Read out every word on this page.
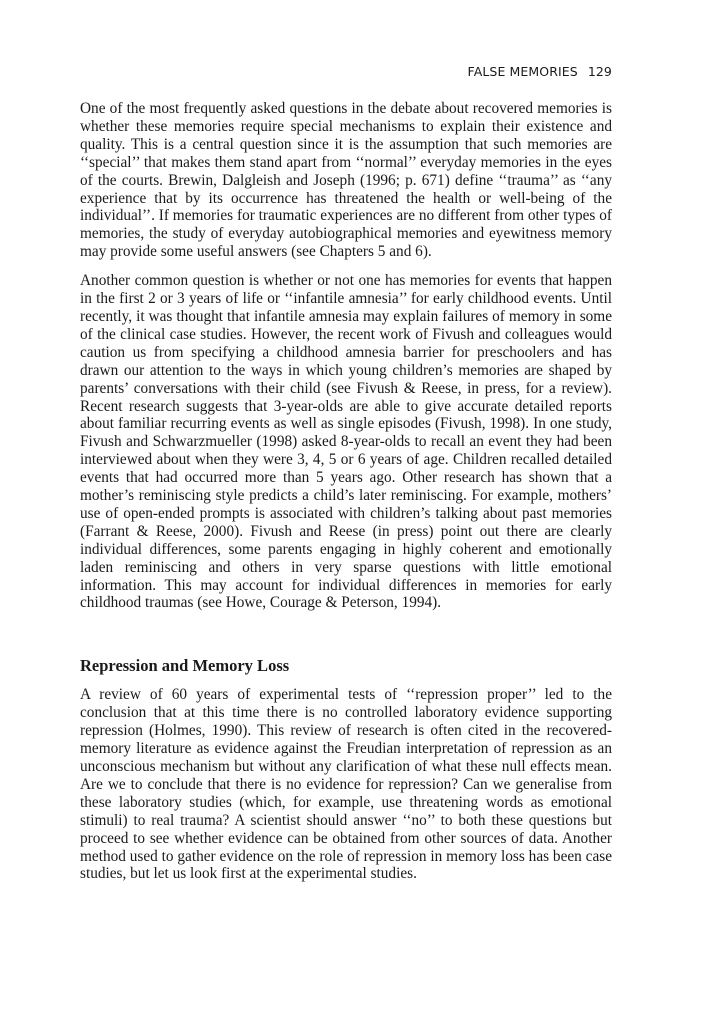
FALSE MEMORIES 129

One of the most frequently asked questions in the debate about recovered memories is whether these memories require special mechanisms to explain their existence and quality. This is a central question since it is the assumption that such memories are ‘‘special’’ that makes them stand apart from ‘‘normal’’ everyday memories in the eyes of the courts. Brewin, Dalgleish and Joseph (1996; p. 671) define ‘‘trauma’’ as ‘‘any experience that by its occurrence has threatened the health or well-being of the individual’’. If memories for traumatic experiences are no different from other types of memories, the study of everyday autobiographical memories and eyewitness memory may provide some useful answers (see Chapters 5 and 6).

Another common question is whether or not one has memories for events that happen in the first 2 or 3 years of life or ‘‘infantile amnesia’’ for early childhood events. Until recently, it was thought that infantile amnesia may explain failures of memory in some of the clinical case studies. However, the recent work of Fivush and colleagues would caution us from specifying a childhood amnesia barrier for preschoolers and has drawn our attention to the ways in which young children’s memories are shaped by parents’ conversations with their child (see Fivush & Reese, in press, for a review). Recent research suggests that 3-year-olds are able to give accurate detailed reports about familiar recurring events as well as single episodes (Fivush, 1998). In one study, Fivush and Schwarzmueller (1998) asked 8-year-olds to recall an event they had been interviewed about when they were 3, 4, 5 or 6 years of age. Children recalled detailed events that had occurred more than 5 years ago. Other research has shown that a mother’s reminiscing style predicts a child’s later reminiscing. For example, mothers’ use of open-ended prompts is associated with children’s talking about past memories (Farrant & Reese, 2000). Fivush and Reese (in press) point out there are clearly individual differences, some parents engaging in highly coherent and emotionally laden reminiscing and others in very sparse questions with little emotional information. This may account for individual differences in memories for early childhood traumas (see Howe, Courage & Peterson, 1994).

Repression and Memory Loss

A review of 60 years of experimental tests of ‘‘repression proper’’ led to the conclusion that at this time there is no controlled laboratory evidence supporting repression (Holmes, 1990). This review of research is often cited in the recovered-memory literature as evidence against the Freudian interpretation of repression as an unconscious mechanism but without any clarification of what these null effects mean. Are we to conclude that there is no evidence for repression? Can we generalise from these laboratory studies (which, for example, use threatening words as emotional stimuli) to real trauma? A scientist should answer ‘‘no’’ to both these questions but proceed to see whether evidence can be obtained from other sources of data. Another method used to gather evidence on the role of repression in memory loss has been case studies, but let us look first at the experimental studies.
